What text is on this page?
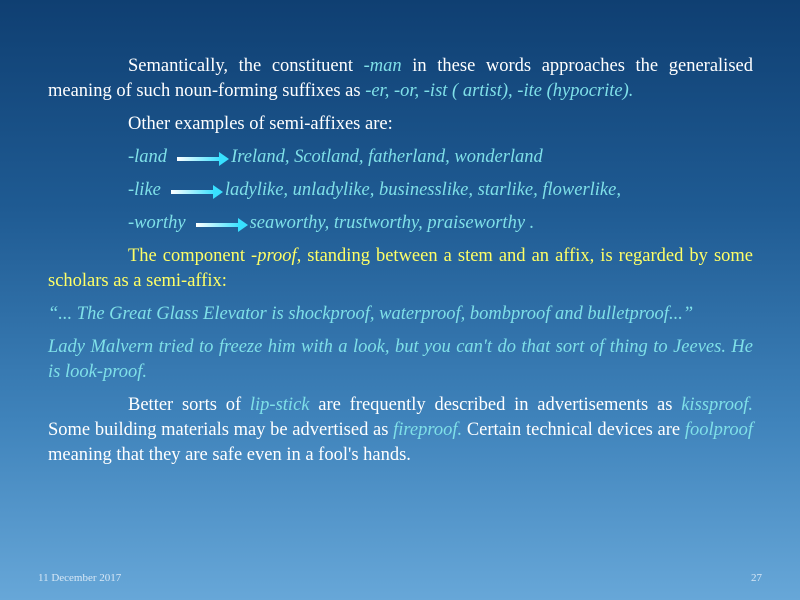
Semantically, the constituent -man in these words approaches the generalised meaning of such noun-forming suffixes as -er, -or, -ist ( artist), -ite (hypocrite).

Other examples of semi-affixes are:

-land	Ireland, Scotland, fatherland, wonderland
-like	ladylike, unladylike, businesslike, starlike, flowerlike,
-worthy	seaworthy, trustworthy, praiseworthy .

The component -proof, standing between a stem and an affix, is regarded by some scholars as a semi-affix:

“... The Great Glass Elevator is shockproof, waterproof, bombproof and bulletproof...”

Lady Malvern tried to freeze him with a look, but you can't do that sort of thing to Jeeves. He is look-proof.

Better sorts of lip-stick are frequently described in advertisements as kissproof. Some building materials may be advertised as fireproof. Certain technical devices are foolproof meaning that they are safe even in a fool's hands.

11 December 2017	27
